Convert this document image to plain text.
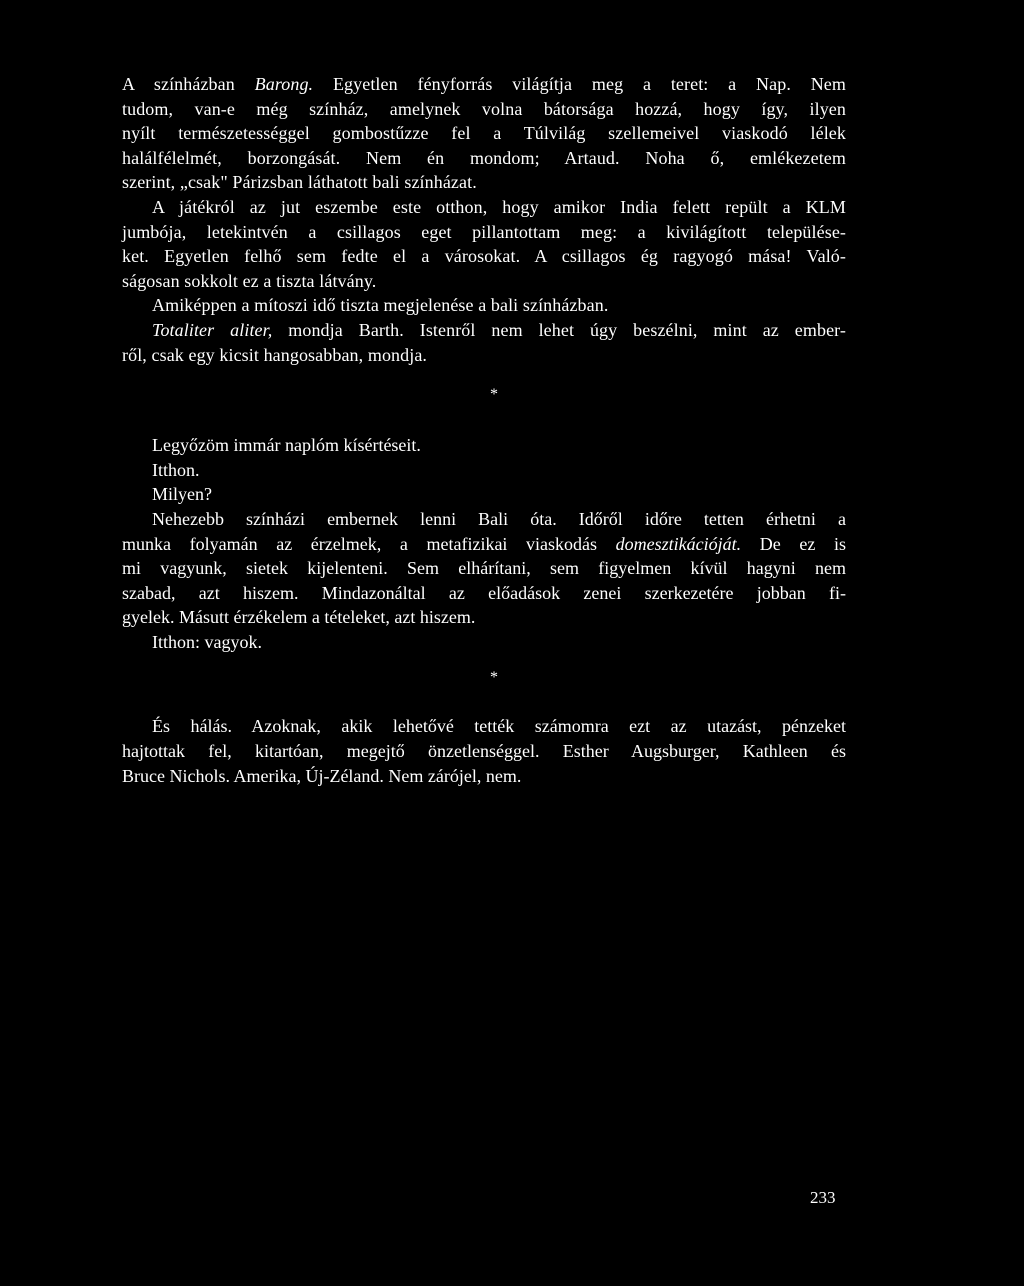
A színházban Barong. Egyetlen fényforrás világítja meg a teret: a Nap. Nem
tudom, van-e még színház, amelynek volna bátorsága hozzá, hogy így, ilyen
nyílt természetességgel gombostűzze fel a Túlvilág szellemeivel viaskodó lélek
halálfélelmét, borzongását. Nem én mondom; Artaud. Noha ő, emlékezetem
szerint, „csak" Párizsban láthatott bali színházat.
A játékról az jut eszembe este otthon, hogy amikor India felett repült a KLM
jumbója, letekintvén a csillagos eget pillantottam meg: a kivilágított települése-
ket. Egyetlen felhő sem fedte el a városokat. A csillagos ég ragyogó mása! Való-
ságosan sokkolt ez a tiszta látvány.
Amiképpen a mítoszi idő tiszta megjelenése a bali színházban.
Totaliter aliter, mondja Barth. Istenről nem lehet úgy beszélni, mint az ember-
ről, csak egy kicsit hangosabban, mondja.
*
Legyőzöm immár naplóm kísértéseit.
Itthon.
Milyen?
Nehezebb színházi embernek lenni Bali óta. Időről időre tetten érhetni a
munka folyamán az érzelmek, a metafizikai viaskodás domesztikációját. De ez is
mi vagyunk, sietek kijelenteni. Sem elhárítani, sem figyelmen kívül hagyni nem
szabad, azt hiszem. Mindazonáltal az előadások zenei szerkezetére jobban fi-
gyelek. Másutt érzékelem a tételeket, azt hiszem.
Itthon: vagyok.
*
És hálás. Azoknak, akik lehetővé tették számomra ezt az utazást, pénzeket
hajtottak fel, kitartóan, megejtő önzetlenséggel. Esther Augsburger, Kathleen és
Bruce Nichols. Amerika, Új-Zéland. Nem zárójel, nem.
233
